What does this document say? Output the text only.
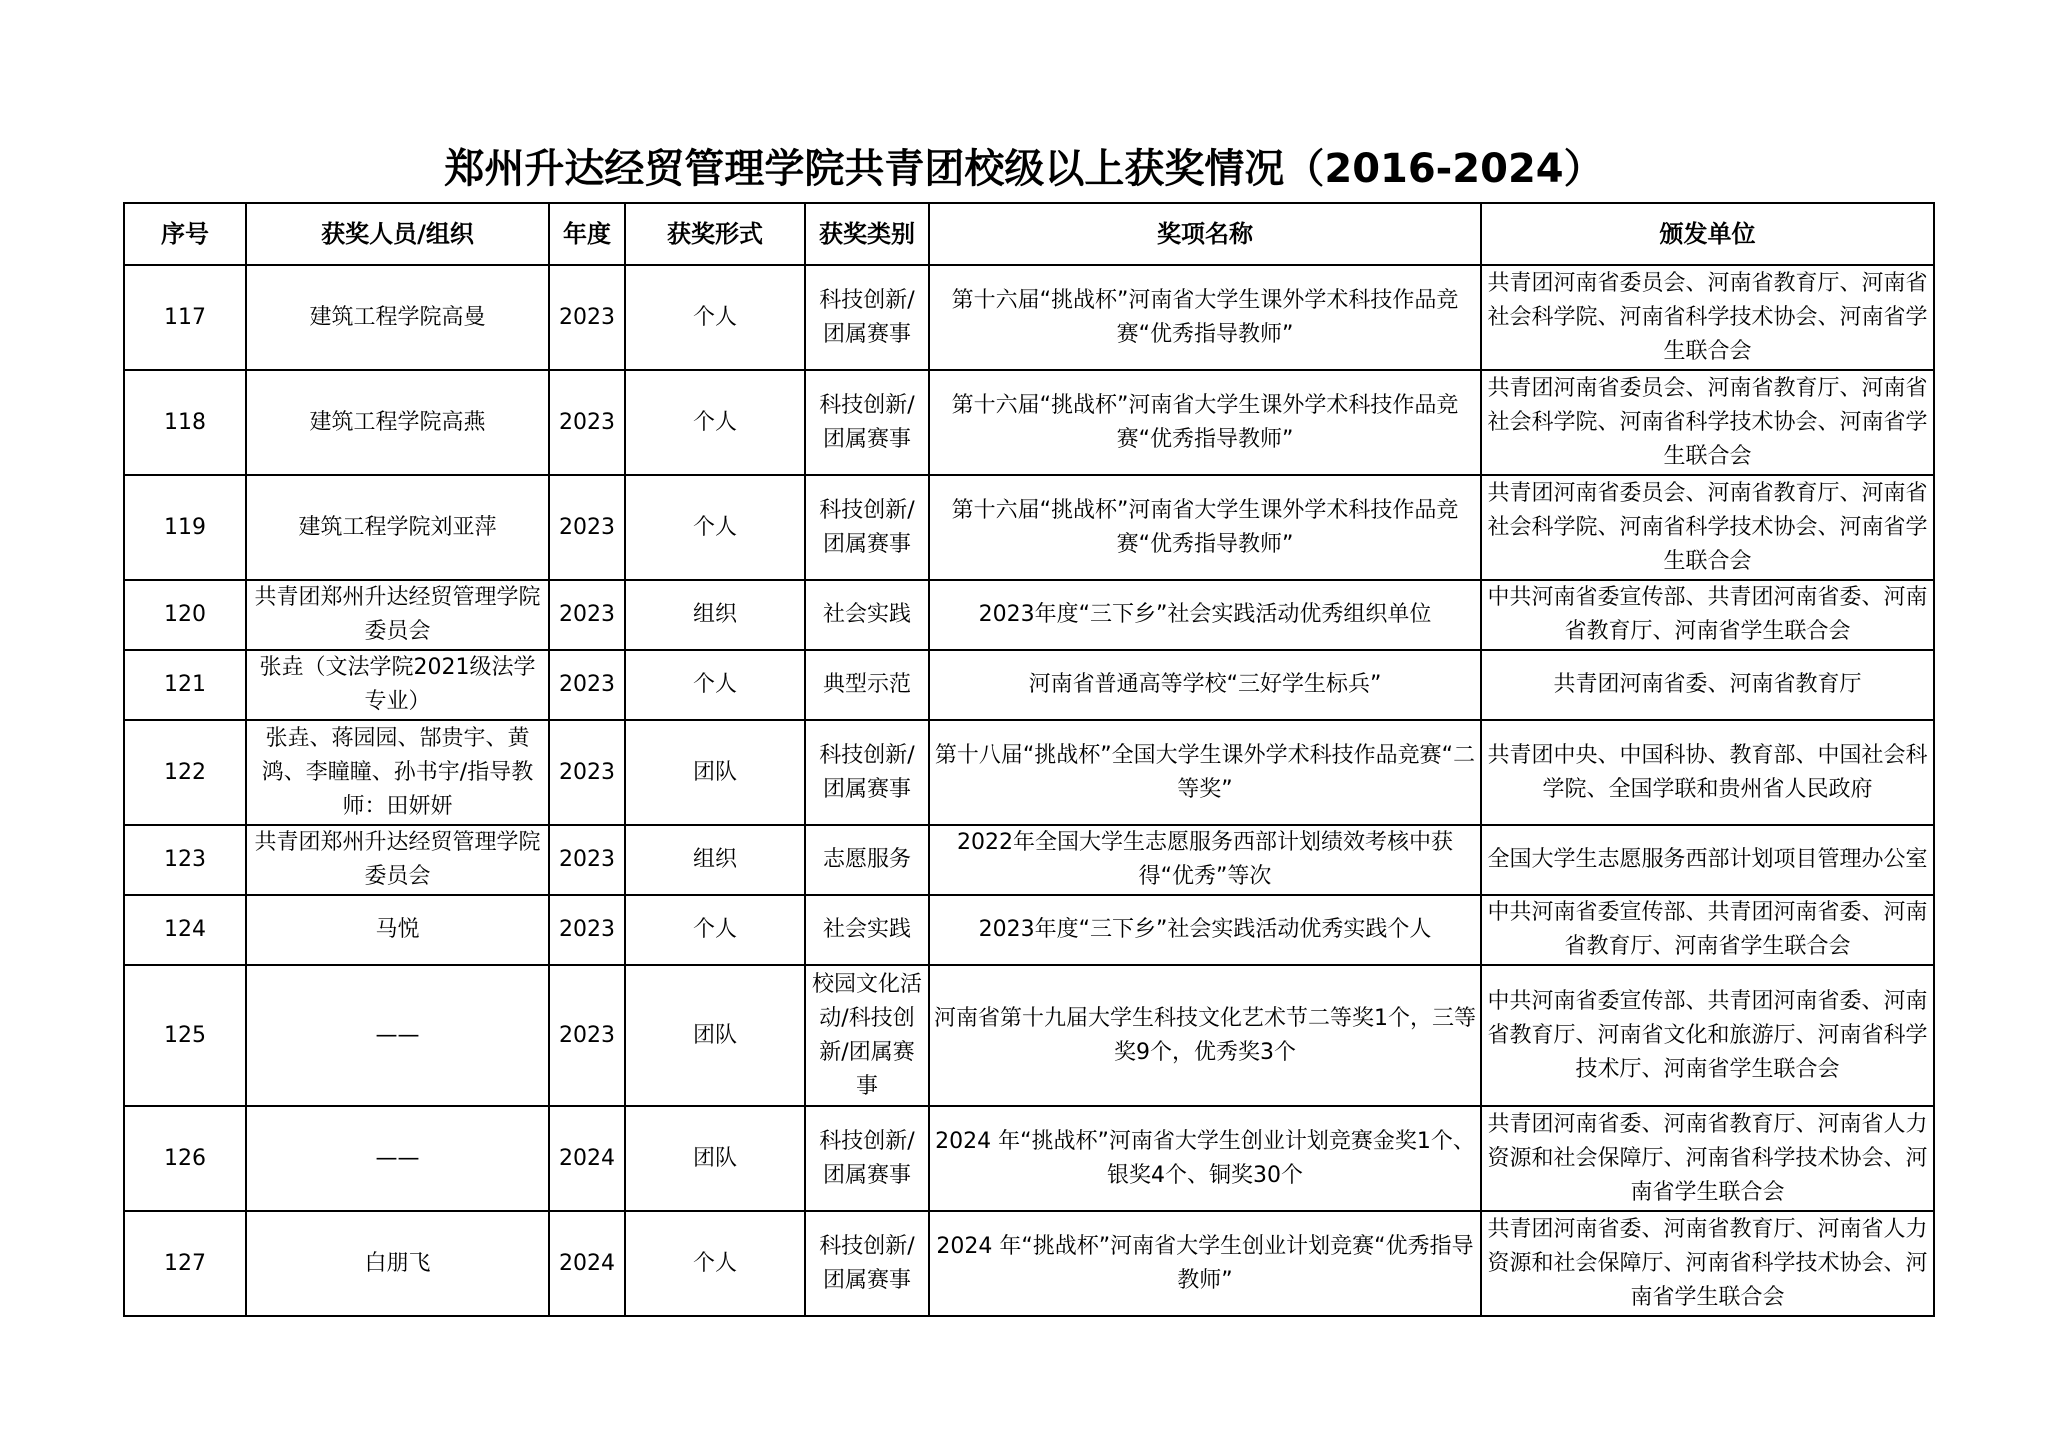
郑州升达经贸管理学院共青团校级以上获奖情况（2016-2024）
序号	获奖人员/组织	年度	获奖形式	获奖类别	奖项名称	颁发单位
117	建筑工程学院高曼	2023	个人	科技创新/团属赛事	第十六届“挑战杯”河南省大学生课外学术科技作品竞赛“优秀指导教师”	共青团河南省委员会、河南省教育厅、河南省社会科学院、河南省科学技术协会、河南省学生联合会
118	建筑工程学院高燕	2023	个人	科技创新/团属赛事	第十六届“挑战杯”河南省大学生课外学术科技作品竞赛“优秀指导教师”	共青团河南省委员会、河南省教育厅、河南省社会科学院、河南省科学技术协会、河南省学生联合会
119	建筑工程学院刘亚萍	2023	个人	科技创新/团属赛事	第十六届“挑战杯”河南省大学生课外学术科技作品竞赛“优秀指导教师”	共青团河南省委员会、河南省教育厅、河南省社会科学院、河南省科学技术协会、河南省学生联合会
120	共青团郑州升达经贸管理学院委员会	2023	组织	社会实践	2023年度“三下乡”社会实践活动优秀组织单位	中共河南省委宣传部、共青团河南省委、河南省教育厅、河南省学生联合会
121	张垚（文法学院2021级法学专业）	2023	个人	典型示范	河南省普通高等学校“三好学生标兵”	共青团河南省委、河南省教育厅
122	张垚、蒋园园、郜贵宇、黄鸿、李瞳瞳、孙书宇/指导教师：田妍妍	2023	团队	科技创新/团属赛事	第十八届“挑战杯”全国大学生课外学术科技作品竞赛“二等奖”	共青团中央、中国科协、教育部、中国社会科学院、全国学联和贵州省人民政府
123	共青团郑州升达经贸管理学院委员会	2023	组织	志愿服务	2022年全国大学生志愿服务西部计划绩效考核中获得“优秀”等次	全国大学生志愿服务西部计划项目管理办公室
124	马悦	2023	个人	社会实践	2023年度“三下乡”社会实践活动优秀实践个人	中共河南省委宣传部、共青团河南省委、河南省教育厅、河南省学生联合会
125	——	2023	团队	校园文化活动/科技创新/团属赛事	河南省第十九届大学生科技文化艺术节二等奖1个，三等奖9个，优秀奖3个	中共河南省委宣传部、共青团河南省委、河南省教育厅、河南省文化和旅游厅、河南省科学技术厅、河南省学生联合会
126	——	2024	团队	科技创新/团属赛事	2024 年“挑战杯”河南省大学生创业计划竞赛金奖1个、银奖4个、铜奖30个	共青团河南省委、河南省教育厅、河南省人力资源和社会保障厅、河南省科学技术协会、河南省学生联合会
127	白朋飞	2024	个人	科技创新/团属赛事	2024 年“挑战杯”河南省大学生创业计划竞赛“优秀指导教师”	共青团河南省委、河南省教育厅、河南省人力资源和社会保障厅、河南省科学技术协会、河南省学生联合会
